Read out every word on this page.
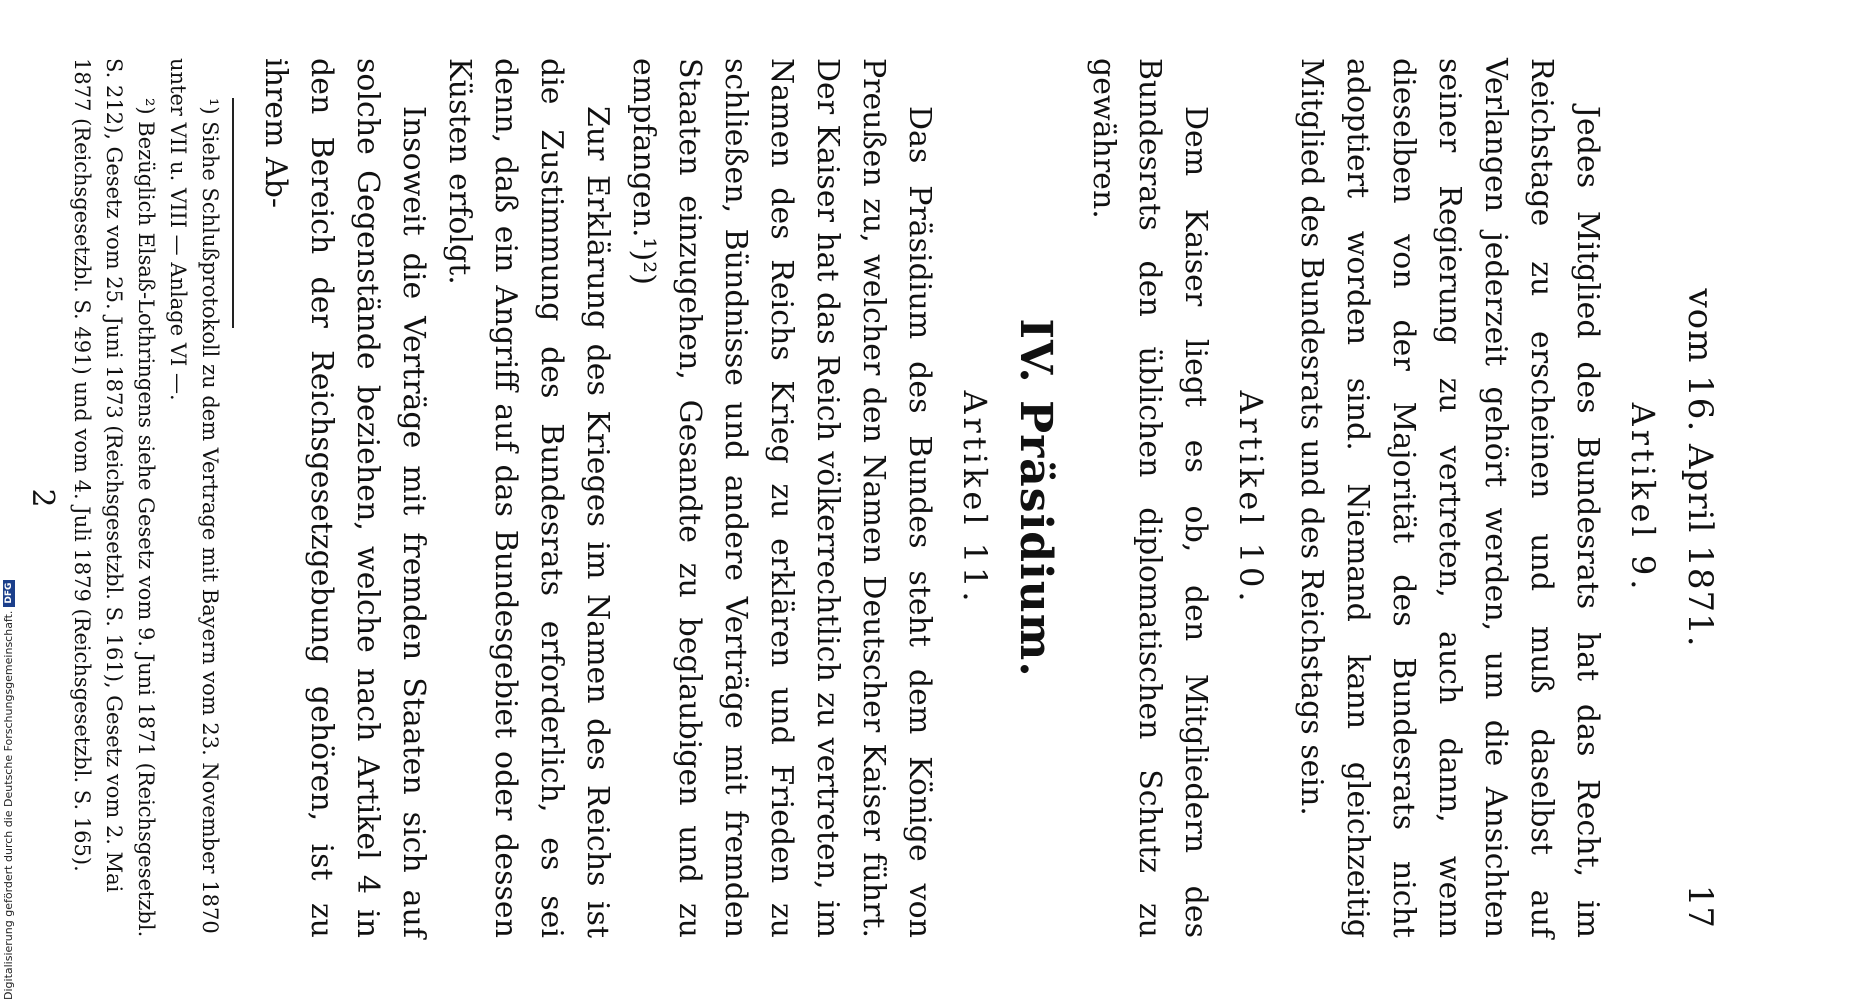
vom 16. April 1871.
17
Artikel 9.

Jedes Mitglied des Bundesrats hat das Recht, im Reichstage zu erscheinen und muß daselbst auf Verlangen jederzeit gehört werden, um die Ansichten seiner Regierung zu vertreten, auch dann, wenn dieselben von der Majorität des Bundesrats nicht adoptiert worden sind. Niemand kann gleichzeitig Mitglied des Bundesrats und des Reichstags sein.

Artikel 10.

Dem Kaiser liegt es ob, den Mitgliedern des Bundesrats den üblichen diplomatischen Schutz zu gewähren.

IV. Präsidium.
Artikel 11.

Das Präsidium des Bundes steht dem Könige von Preußen zu, welcher den Namen Deutscher Kaiser führt. Der Kaiser hat das Reich völkerrechtlich zu vertreten, im Namen des Reichs Krieg zu erklären und Frieden zu schließen, Bündnisse und andere Verträge mit fremden Staaten einzugehen, Gesandte zu beglaubigen und zu empfangen.¹)²)

Zur Erklärung des Krieges im Namen des Reichs ist die Zustimmung des Bundesrats erforderlich, es sei denn, daß ein Angriff auf das Bundesgebiet oder dessen Küsten erfolgt.

Insoweit die Verträge mit fremden Staaten sich auf solche Gegenstände beziehen, welche nach Artikel 4 in den Bereich der Reichsgesetzgebung gehören, ist zu ihrem Ab-

¹) Siehe Schlußprotokoll zu dem Vertrage mit Bayern vom 23. November 1870 unter VII u. VIII — Anlage VI —.

²) Bezüglich Elsaß-Lothringens siehe Gesetz vom 9. Juni 1871 (Reichsgesetzbl. S. 212), Gesetz vom 25. Juni 1873 (Reichsgesetzbl. S. 161), Gesetz vom 2. Mai 1877 (Reichsgesetzbl. S. 491) und vom 4. Juli 1879 (Reichsgesetzbl. S. 165).

2
Digitalisierung gefördert durch die Deutsche Forschungsgemeinschaft.DFG
